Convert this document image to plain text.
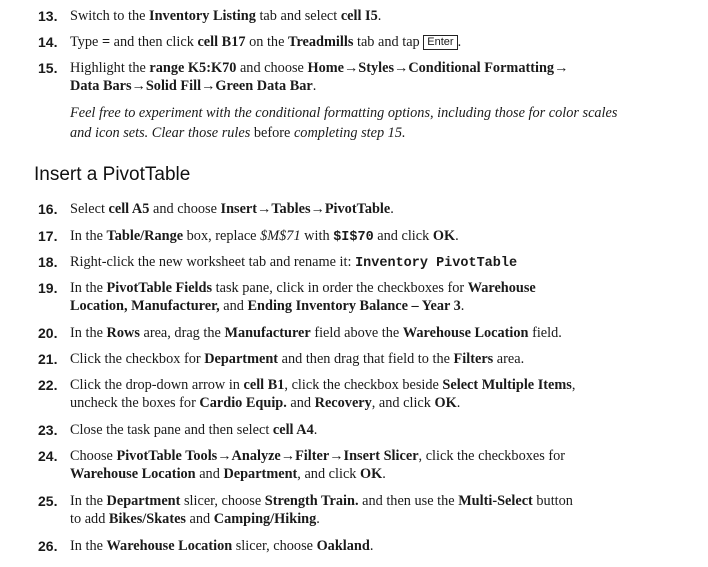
13. Switch to the Inventory Listing tab and select cell I5.
14. Type = and then click cell B17 on the Treadmills tab and tap Enter .
15. Highlight the range K5:K70 and choose Home→Styles→Conditional Formatting→
Data Bars→Solid Fill→Green Data Bar.
Feel free to experiment with the conditional formatting options, including those for color scales
and icon sets. Clear those rules before completing step 15.
Insert a PivotTable
16. Select cell A5 and choose Insert→Tables→PivotTable.
17. In the Table/Range box, replace $M$71 with $I$70 and click OK.
18. Right-click the new worksheet tab and rename it: Inventory PivotTable
19. In the PivotTable Fields task pane, click in order the checkboxes for Warehouse
Location, Manufacturer, and Ending Inventory Balance – Year 3.
20. In the Rows area, drag the Manufacturer field above the Warehouse Location field.
21. Click the checkbox for Department and then drag that field to the Filters area.
22. Click the drop-down arrow in cell B1, click the checkbox beside Select Multiple Items,
uncheck the boxes for Cardio Equip. and Recovery, and click OK.
23. Close the task pane and then select cell A4.
24. Choose PivotTable Tools→Analyze→Filter→Insert Slicer, click the checkboxes for
Warehouse Location and Department, and click OK.
25. In the Department slicer, choose Strength Train. and then use the Multi-Select button
to add Bikes/Skates and Camping/Hiking.
26. In the Warehouse Location slicer, choose Oakland.
